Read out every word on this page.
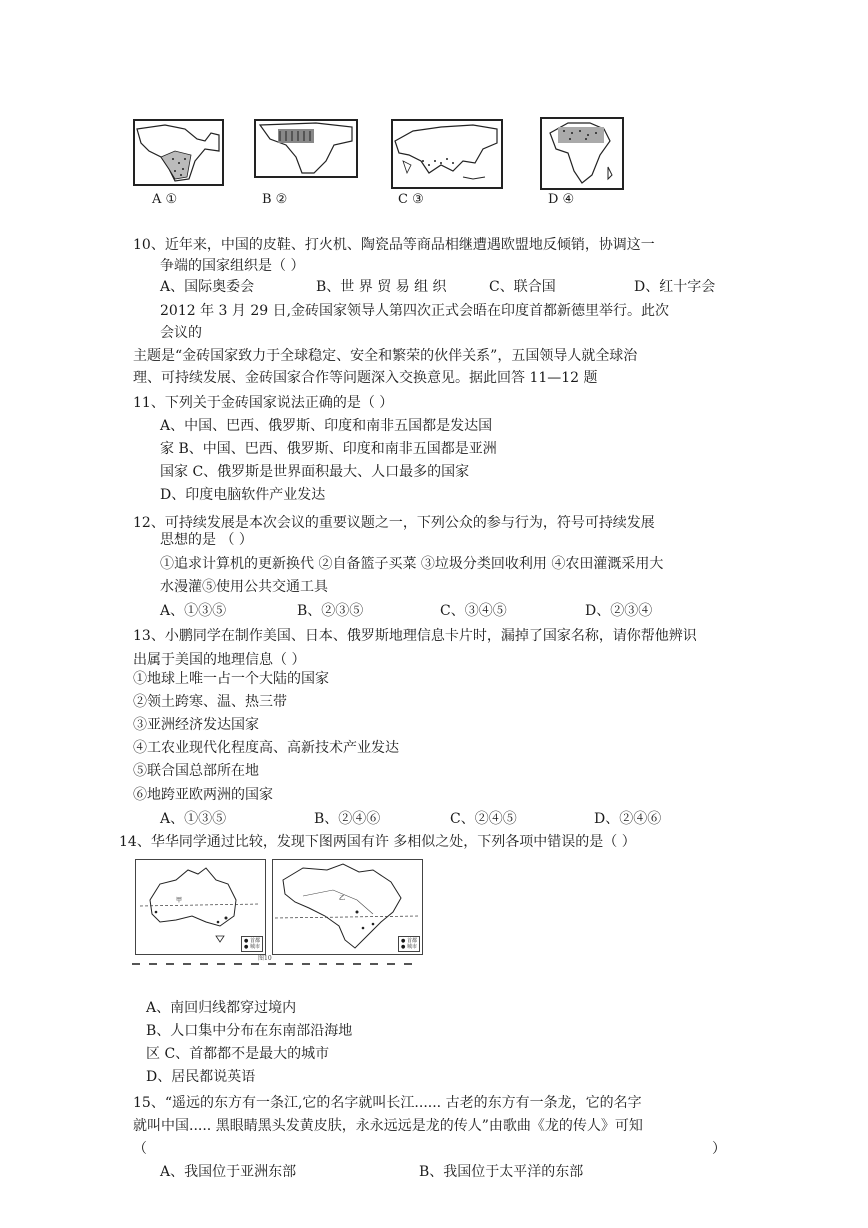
A ①	B ②	C ③	D ④
10、近年来，中国的皮鞋、打火机、陶瓷品等商品相继遭遇欧盟地反倾销，协调这一
争端的国家组织是（ ）
A、国际奥委会	B、世 界 贸 易 组 织	C、联合国	D、红十字会
2012 年 3 月 29 日,金砖国家领导人第四次正式会晤在印度首都新德里举行。此次
会议的
主题是“金砖国家致力于全球稳定、安全和繁荣的伙伴关系”，五国领导人就全球治
理、可持续发展、金砖国家合作等问题深入交换意见。据此回答 11—12 题
11、下列关于金砖国家说法正确的是（ ）
A、中国、巴西、俄罗斯、印度和南非五国都是发达国
家 B、中国、巴西、俄罗斯、印度和南非五国都是亚洲
国家 C、俄罗斯是世界面积最大、人口最多的国家
D、印度电脑软件产业发达
12、可持续发展是本次会议的重要议题之一，下列公众的参与行为，符号可持续发展
思想的是 （ ）
①追求计算机的更新换代 ②自备篮子买菜 ③垃圾分类回收利用 ④农田灌溉采用大
水漫灌⑤使用公共交通工具
A、①③⑤	B、②③⑤	C、③④⑤	D、②③④
13、小鹏同学在制作美国、日本、俄罗斯地理信息卡片时，漏掉了国家名称，请你帮他辨识
出属于美国的地理信息（ ）
①地球上唯一占一个大陆的国家
②领土跨寒、温、热三带
③亚洲经济发达国家
④工农业现代化程度高、高新技术产业发达
⑤联合国总部所在地
⑥地跨亚欧两洲的国家
A、①③⑤	B、②④⑥	C、②④⑤	D、②④⑥
14、华华同学通过比较，发现下图两国有许 多相似之处，下列各项中错误的是（ ）
甲
● 首都
● 城市
乙
● 首都
● 城市
图10
A、南回归线都穿过境内
B、人口集中分布在东南部沿海地
区 C、首都都不是最大的城市
D、居民都说英语
15、“遥远的东方有一条江,它的名字就叫长江...... 古老的东方有一条龙，它的名字
就叫中国..... 黑眼睛黑头发黄皮肤，永永远远是龙的传人”由歌曲《龙的传人》可知
（	）
A、我国位于亚洲东部	B、我国位于太平洋的东部
